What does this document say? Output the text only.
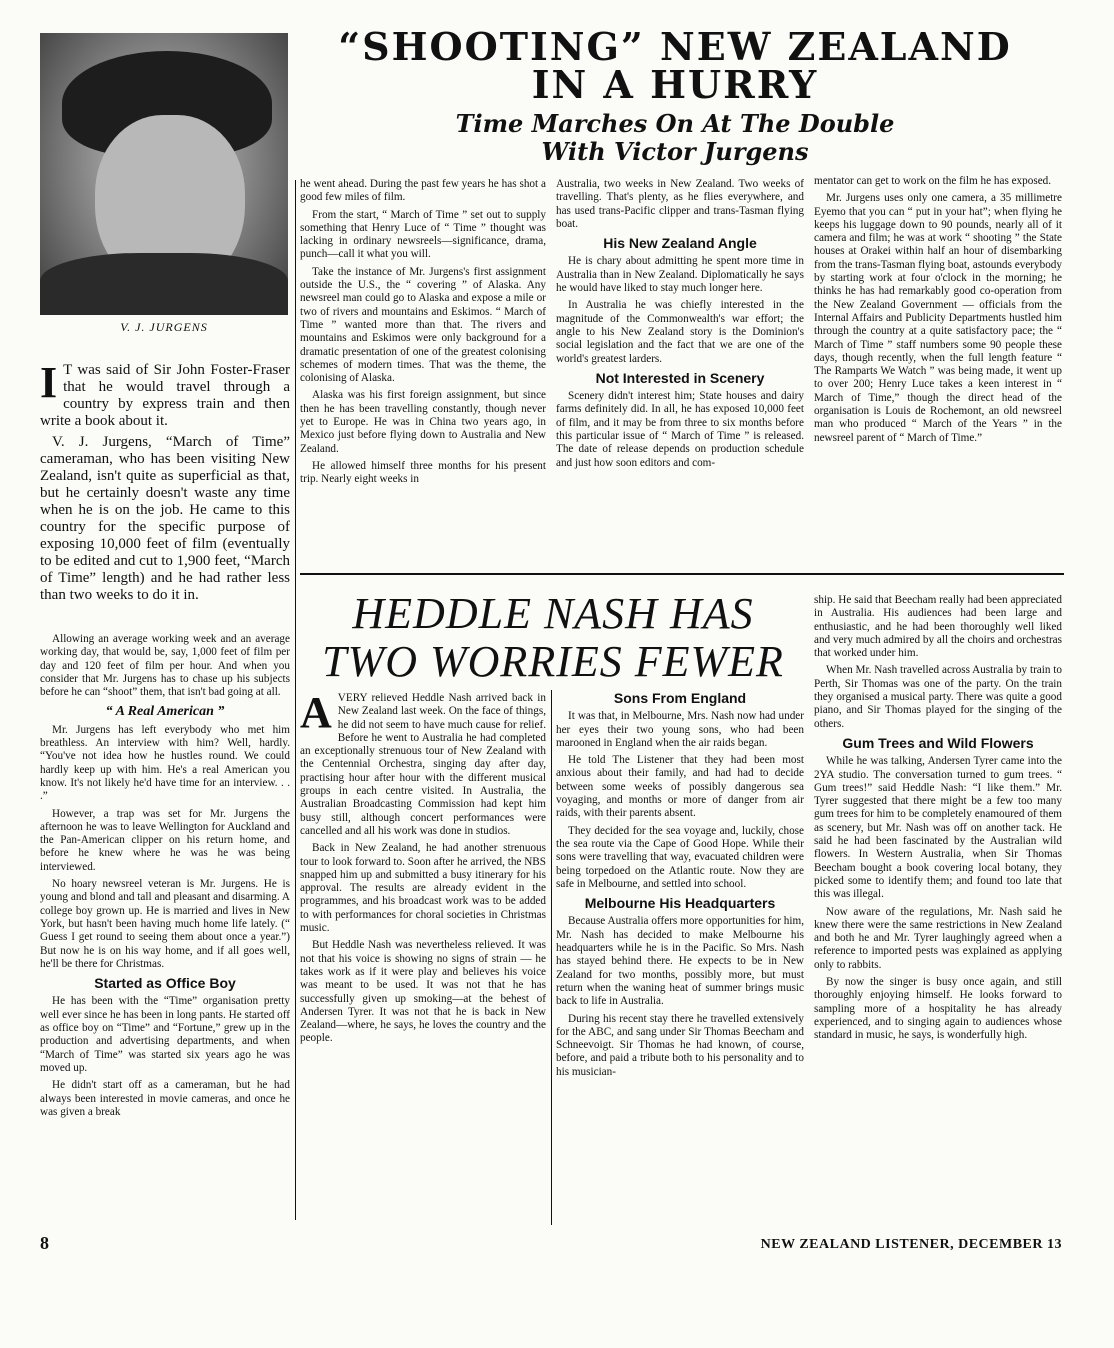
V. J. JURGENS
“SHOOTING” NEW ZEALAND
IN A HURRY
Time Marches On At The Double
With Victor Jurgens
I T was said of Sir John Foster-Fraser that he would travel through a country by express train and then write a book about it.

V. J. Jurgens, “March of Time” cameraman, who has been visiting New Zealand, isn't quite as superficial as that, but he certainly doesn't waste any time when he is on the job. He came to this country for the specific purpose of exposing 10,000 feet of film (eventually to be edited and cut to 1,900 feet, “March of Time” length) and he had rather less than two weeks to do it in.

Allowing an average working week and an average working day, that would be, say, 1,000 feet of film per day and 120 feet of film per hour. And when you consider that Mr. Jurgens has to chase up his subjects before he can “shoot” them, that isn't bad going at all.

“ A Real American ”

Mr. Jurgens has left everybody who met him breathless. An interview with him? Well, hardly. “You've not idea how he hustles round. We could hardly keep up with him. He's a real American you know. It's not likely he'd have time for an interview. . . .”

However, a trap was set for Mr. Jurgens the afternoon he was to leave Wellington for Auckland and the Pan-American clipper on his return home, and before he knew where he was he was being interviewed.

No hoary newsreel veteran is Mr. Jurgens. He is young and blond and tall and pleasant and disarming. A college boy grown up. He is married and lives in New York, but hasn't been having much home life lately. (“ Guess I get round to seeing them about once a year.”) But now he is on his way home, and if all goes well, he'll be there for Christmas.

Started as Office Boy

He has been with the “Time” organisation pretty well ever since he has been in long pants. He started off as office boy on “Time” and “Fortune,” grew up in the production and advertising departments, and when “March of Time” was started six years ago he was moved up.

He didn't start off as a cameraman, but he had always been interested in movie cameras, and once he was given a break

he went ahead. During the past few years he has shot a good few miles of film.

From the start, “ March of Time ” set out to supply something that Henry Luce of “ Time ” thought was lacking in ordinary newsreels—significance, drama, punch—call it what you will.

Take the instance of Mr. Jurgens's first assignment outside the U.S., the “ covering ” of Alaska. Any newsreel man could go to Alaska and expose a mile or two of rivers and mountains and Eskimos. “ March of Time ” wanted more than that. The rivers and mountains and Eskimos were only background for a dramatic presentation of one of the greatest colonising schemes of modern times. That was the theme, the colonising of Alaska.

Alaska was his first foreign assignment, but since then he has been travelling constantly, though never yet to Europe. He was in China two years ago, in Mexico just before flying down to Australia and New Zealand.

He allowed himself three months for his present trip. Nearly eight weeks in

Australia, two weeks in New Zealand. Two weeks of travelling. That's plenty, as he flies everywhere, and has used trans-Pacific clipper and trans-Tasman flying boat.

His New Zealand Angle

He is chary about admitting he spent more time in Australia than in New Zealand. Diplomatically he says he would have liked to stay much longer here.

In Australia he was chiefly interested in the magnitude of the Commonwealth's war effort; the angle to his New Zealand story is the Dominion's social legislation and the fact that we are one of the world's greatest larders.

Not Interested in Scenery

Scenery didn't interest him; State houses and dairy farms definitely did. In all, he has exposed 10,000 feet of film, and it may be from three to six months before this particular issue of “ March of Time ” is released. The date of release depends on production schedule and just how soon editors and com-

mentator can get to work on the film he has exposed.

Mr. Jurgens uses only one camera, a 35 millimetre Eyemo that you can “ put in your hat”; when flying he keeps his luggage down to 90 pounds, nearly all of it camera and film; he was at work “ shooting ” the State houses at Orakei within half an hour of disembarking from the trans-Tasman flying boat, astounds everybody by starting work at four o'clock in the morning; he thinks he has had remarkably good co-operation from the New Zealand Government — officials from the Internal Affairs and Publicity Departments hustled him through the country at a quite satisfactory pace; the “ March of Time ” staff numbers some 90 people these days, though recently, when the full length feature “ The Ramparts We Watch ” was being made, it went up to over 200; Henry Luce takes a keen interest in “ March of Time,” though the direct head of the organisation is Louis de Rochemont, an old newsreel man who produced “ March of the Years ” in the newsreel parent of “ March of Time.”

HEDDLE NASH HAS
TWO WORRIES FEWER
A VERY relieved Heddle Nash arrived back in New Zealand last week. On the face of things, he did not seem to have much cause for relief. Before he went to Australia he had completed an exceptionally strenuous tour of New Zealand with the Centennial Orchestra, singing day after day, practising hour after hour with the different musical groups in each centre visited. In Australia, the Australian Broadcasting Commission had kept him busy still, although concert performances were cancelled and all his work was done in studios.

Back in New Zealand, he had another strenuous tour to look forward to. Soon after he arrived, the NBS snapped him up and submitted a busy itinerary for his approval. The results are already evident in the programmes, and his broadcast work was to be added to with performances for choral societies in Christmas music.

But Heddle Nash was nevertheless relieved. It was not that his voice is showing no signs of strain — he takes work as if it were play and believes his voice was meant to be used. It was not that he has successfully given up smoking—at the behest of Andersen Tyrer. It was not that he is back in New Zealand—where, he says, he loves the country and the people.

Sons From England

It was that, in Melbourne, Mrs. Nash now had under her eyes their two young sons, who had been marooned in England when the air raids began.

He told The Listener that they had been most anxious about their family, and had had to decide between some weeks of possibly dangerous sea voyaging, and months or more of danger from air raids, with their parents absent.

They decided for the sea voyage and, luckily, chose the sea route via the Cape of Good Hope. While their sons were travelling that way, evacuated children were being torpedoed on the Atlantic route. Now they are safe in Melbourne, and settled into school.

Melbourne His Headquarters

Because Australia offers more opportunities for him, Mr. Nash has decided to make Melbourne his headquarters while he is in the Pacific. So Mrs. Nash has stayed behind there. He expects to be in New Zealand for two months, possibly more, but must return when the waning heat of summer brings music back to life in Australia.

During his recent stay there he travelled extensively for the ABC, and sang under Sir Thomas Beecham and Schneevoigt. Sir Thomas he had known, of course, before, and paid a tribute both to his personality and to his musician-

ship. He said that Beecham really had been appreciated in Australia. His audiences had been large and enthusiastic, and he had been thoroughly well liked and very much admired by all the choirs and orchestras that worked under him.

When Mr. Nash travelled across Australia by train to Perth, Sir Thomas was one of the party. On the train they organised a musical party. There was quite a good piano, and Sir Thomas played for the singing of the others.

Gum Trees and Wild Flowers

While he was talking, Andersen Tyrer came into the 2YA studio. The conversation turned to gum trees. “ Gum trees!” said Heddle Nash: “I like them.” Mr. Tyrer suggested that there might be a few too many gum trees for him to be completely enamoured of them as scenery, but Mr. Nash was off on another tack. He said he had been fascinated by the Australian wild flowers. In Western Australia, when Sir Thomas Beecham bought a book covering local botany, they picked some to identify them; and found too late that this was illegal.

Now aware of the regulations, Mr. Nash said he knew there were the same restrictions in New Zealand and both he and Mr. Tyrer laughingly agreed when a reference to imported pests was explained as applying only to rabbits.

By now the singer is busy once again, and still thoroughly enjoying himself. He looks forward to sampling more of a hospitality he has already experienced, and to singing again to audiences whose standard in music, he says, is wonderfully high.

8	NEW ZEALAND LISTENER, DECEMBER 13
